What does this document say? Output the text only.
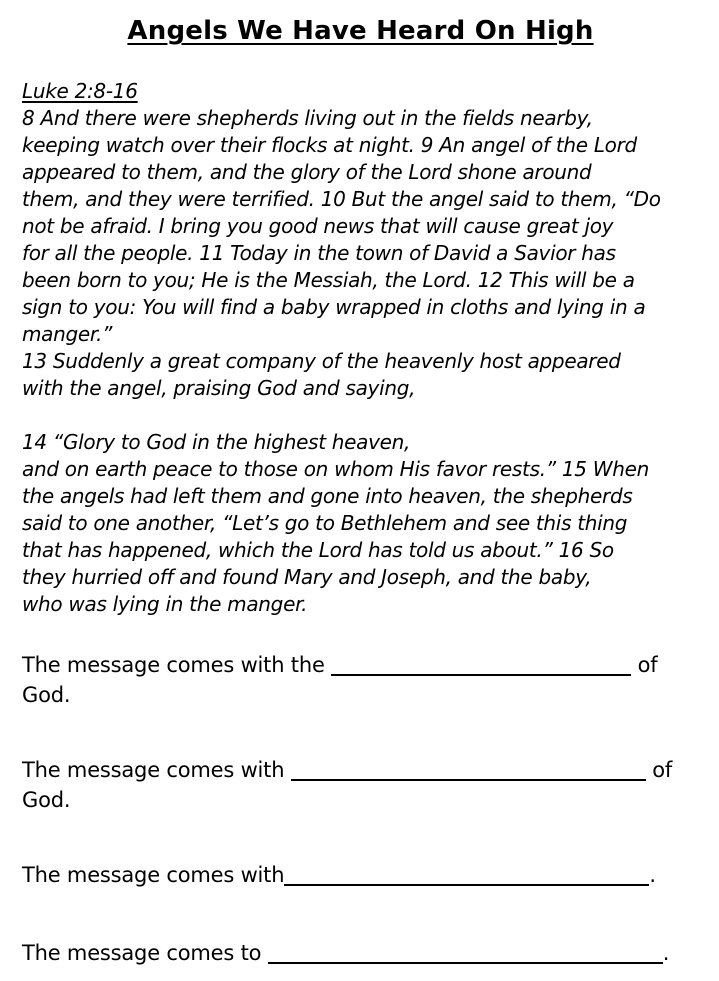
Angels We Have Heard On High
Luke 2:8-16
8 And there were shepherds living out in the fields nearby,
keeping watch over their flocks at night. 9 An angel of the Lord
appeared to them, and the glory of the Lord shone around
them, and they were terrified. 10 But the angel said to them, “Do
not be afraid. I bring you good news that will cause great joy
for all the people. 11 Today in the town of David a Savior has
been born to you; He is the Messiah, the Lord. 12 This will be a
sign to you: You will find a baby wrapped in cloths and lying in a
manger.”
13 Suddenly a great company of the heavenly host appeared
with the angel, praising God and saying,
14 “Glory to God in the highest heaven,
and on earth peace to those on whom His favor rests.” 15 When
the angels had left them and gone into heaven, the shepherds
said to one another, “Let’s go to Bethlehem and see this thing
that has happened, which the Lord has told us about.” 16 So
they hurried off and found Mary and Joseph, and the baby,
who was lying in the manger.
The message comes with the	of
God.
The message comes with	of
God.
The message comes with	.
The message comes to	.
